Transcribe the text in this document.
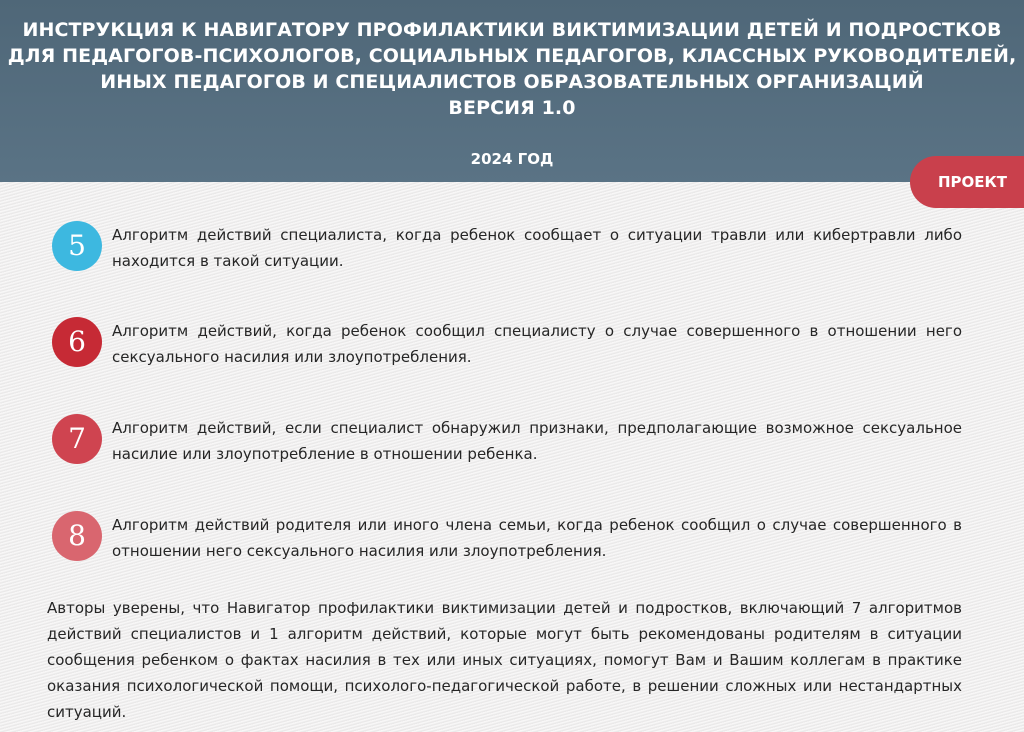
ИНСТРУКЦИЯ К НАВИГАТОРУ ПРОФИЛАКТИКИ ВИКТИМИЗАЦИИ ДЕТЕЙ И ПОДРОСТКОВ
ДЛЯ ПЕДАГОГОВ-ПСИХОЛОГОВ, СОЦИАЛЬНЫХ ПЕДАГОГОВ, КЛАССНЫХ РУКОВОДИТЕЛЕЙ,
ИНЫХ ПЕДАГОГОВ И СПЕЦИАЛИСТОВ ОБРАЗОВАТЕЛЬНЫХ ОРГАНИЗАЦИЙ
ВЕРСИЯ 1.0
2024 ГОД
ПРОЕКТ
5	Алгоритм действий специалиста, когда ребенок сообщает о ситуации травли или кибертравли либо находится в такой ситуации.
6	Алгоритм действий, когда ребенок сообщил специалисту о случае совершенного в отношении него сексуального насилия или злоупотребления.
7	Алгоритм действий, если специалист обнаружил признаки, предполагающие возможное сексуальное насилие или злоупотребление в отношении ребенка.
8	Алгоритм действий родителя или иного члена семьи, когда ребенок сообщил о случае совершенного в отношении него сексуального насилия или злоупотребления.
Авторы уверены, что Навигатор профилактики виктимизации детей и подростков, включающий 7 алгоритмов действий специалистов и 1 алгоритм действий, которые могут быть рекомендованы родителям в ситуации сообщения ребенком о фактах насилия в тех или иных ситуациях, помогут Вам и Вашим коллегам в практике оказания психологической помощи, психолого-педагогической работе, в решении сложных или нестандартных ситуаций.
